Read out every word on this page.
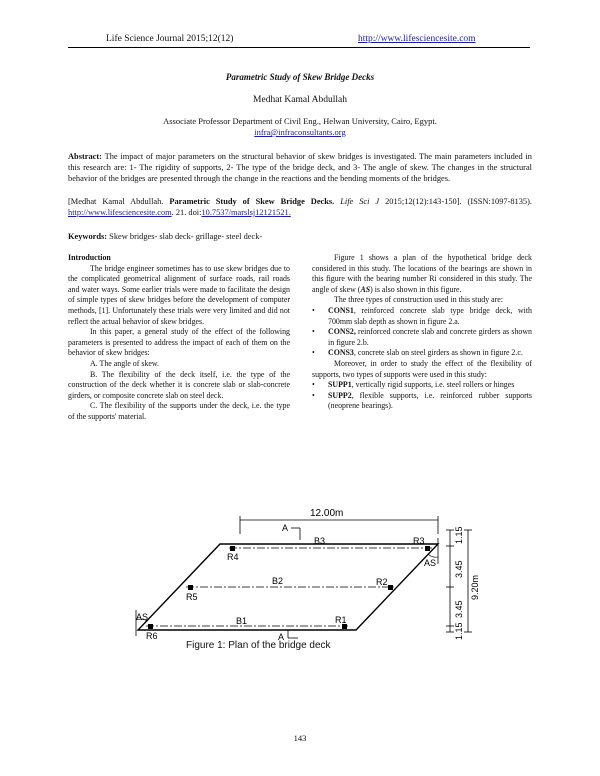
Life Science Journal 2015;12(12)	http://www.lifesciencesite.com
Parametric Study of Skew Bridge Decks
Medhat Kamal Abdullah
Associate Professor Department of Civil Eng., Helwan University, Cairo, Egypt.
infra@infraconsultants.org
Abstract: The impact of major parameters on the structural behavior of skew bridges is investigated. The main parameters included in this research are: 1- The rigidity of supports, 2- The type of the bridge deck, and 3- The angle of skew. The changes in the structural behavior of the bridges are presented through the change in the reactions and the bending moments of the bridges.
[Medhat Kamal Abdullah. Parametric Study of Skew Bridge Decks. Life Sci J 2015;12(12):143-150]. (ISSN:1097-8135). http://www.lifesciencesite.com. 21. doi:10.7537/marslsj12121521.
Keywords: Skew bridges- slab deck- grillage- steel deck-

Introduction

The bridge engineer sometimes has to use skew bridges due to the complicated geometrical alignment of surface roads, rail roads and water ways. Some earlier trials were made to facilitate the design of simple types of skew bridges before the development of computer methods, [1]. Unfortunately these trials were very limited and did not reflect the actual behavior of skew bridges.

In this paper, a general study of the effect of the following parameters is presented to address the impact of each of them on the behavior of skew bridges:

A. The angle of skew.

B. The flexibility of the deck itself, i.e. the type of the construction of the deck whether it is concrete slab or slab-concrete girders, or composite concrete slab on steel deck.

C. The flexibility of the supports under the deck, i.e. the type of the supports' material.

Figure 1 shows a plan of the hypothetical bridge deck considered in this study. The locations of the bearings are shown in this figure with the bearing number Ri considered in this study. The angle of skew (AS) is also shown in this figure.

The three types of construction used in this study are:

•	CONS1, reinforced concrete slab type bridge deck, with 700mm slab depth as shown in figure 2.a.
•	CONS2, reinforced concrete slab and concrete girders as shown in figure 2.b.
•	CONS3, concrete slab on steel girders as shown in figure 2.c.

Moreover, in order to study the effect of the flexibility of supports, two types of supports were used in this study:

•	SUPP1, vertically rigid supports, i.e. steel rollers or hinges
•	SUPP2, flexible supports, i.e. reinforced rubber supports (neoprene bearings).
12.00m
A
B3
B2
B1	R1
R2
R3
R4
R5
R6
AS
AS
A
1.15
3.45
3.45
1.15
9.20m
Figure 1: Plan of the bridge deck
143
